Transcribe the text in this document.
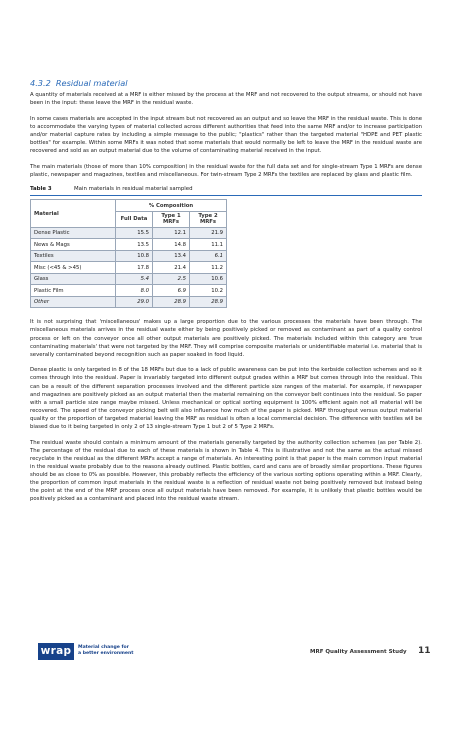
4.3.2 Residual material

A quantity of materials received at a MRF is either missed by the process at the MRF and not recovered to the output streams, or should not have been in the input: these leave the MRF in the residual waste.

In some cases materials are accepted in the input stream but not recovered as an output and so leave the MRF in the residual waste. This is done to accommodate the varying types of material collected across different authorities that feed into the same MRF and/or to increase participation and/or material capture rates by including a simple message to the public; "plastics" rather than the targeted material "HDPE and PET plastic bottles" for example. Within some MRFs it was noted that some materials that would normally be left to leave the MRF in the residual waste are recovered and sold as an output material due to the volume of contaminating material received in the input.

The main materials (those of more than 10% composition) in the residual waste for the full data set and for single-stream Type 1 MRFs are dense plastic, newspaper and magazines, textiles and miscellaneous. For twin-stream Type 2 MRFs the textiles are replaced by glass and plastic film.

Table 3	Main materials in residual material sampled
Material	% Composition		
	Full Data	Type 1 MRFs	Type 2 MRFs
Dense Plastic	15.5	12.1	21.9
News & Mags	13.5	14.8	11.1
Textiles	10.8	13.4	6.1
Misc (<45 & >45)	17.8	21.4	11.2
Glass	5.4	2.5	10.6
Plastic Film	8.0	6.9	10.2
Other	29.0	28.9	28.9

It is not surprising that 'miscellaneous' makes up a large proportion due to the various processes the materials have been through. The miscellaneous materials arrives in the residual waste either by being positively picked or removed as contaminant as part of a quality control process or left on the conveyor once all other output materials are positively picked. The materials included within this category are 'true contaminating materials' that were not targeted by the MRF. They will comprise composite materials or unidentifiable material i.e. material that is severally contaminated beyond recognition such as paper soaked in food liquid.

Dense plastic is only targeted in 8 of the 18 MRFs but due to a lack of public awareness can be put into the kerbside collection schemes and so it comes through into the residual. Paper is invariably targeted into different output grades within a MRF but comes through into the residual. This can be a result of the different separation processes involved and the different particle size ranges of the material. For example, if newspaper and magazines are positively picked as an output material then the material remaining on the conveyor belt continues into the residual. So paper with a small particle size range maybe missed. Unless mechanical or optical sorting equipment is 100% efficient again not all material will be recovered. The speed of the conveyor picking belt will also influence how much of the paper is picked. MRF throughput versus output material quality or the proportion of targeted material leaving the MRF as residual is often a local commercial decision. The difference with textiles will be biased due to it being targeted in only 2 of 13 single-stream Type 1 but 2 of 5 Type 2 MRFs.

The residual waste should contain a minimum amount of the materials generally targeted by the authority collection schemes (as per Table 2). The percentage of the residual due to each of these materials is shown in Table 4. This is illustrative and not the same as the actual missed recyclate in the residual as the different MRFs accept a range of materials. An interesting point is that paper is the main common input material in the residual waste probably due to the reasons already outlined. Plastic bottles, card and cans are of broadly similar proportions. These figures should be as close to 0% as possible. However, this probably reflects the efficiency of the various sorting options operating within a MRF. Clearly, the proportion of common input materials in the residual waste is a reflection of residual waste not being positively removed but instead being the point at the end of the MRF process once all output materials have been removed. For example, it is unlikely that plastic bottles would be positively picked as a contaminant and placed into the residual waste stream.

wrap	Material change for
a better environment	MRF Quality Assessment Study 11
